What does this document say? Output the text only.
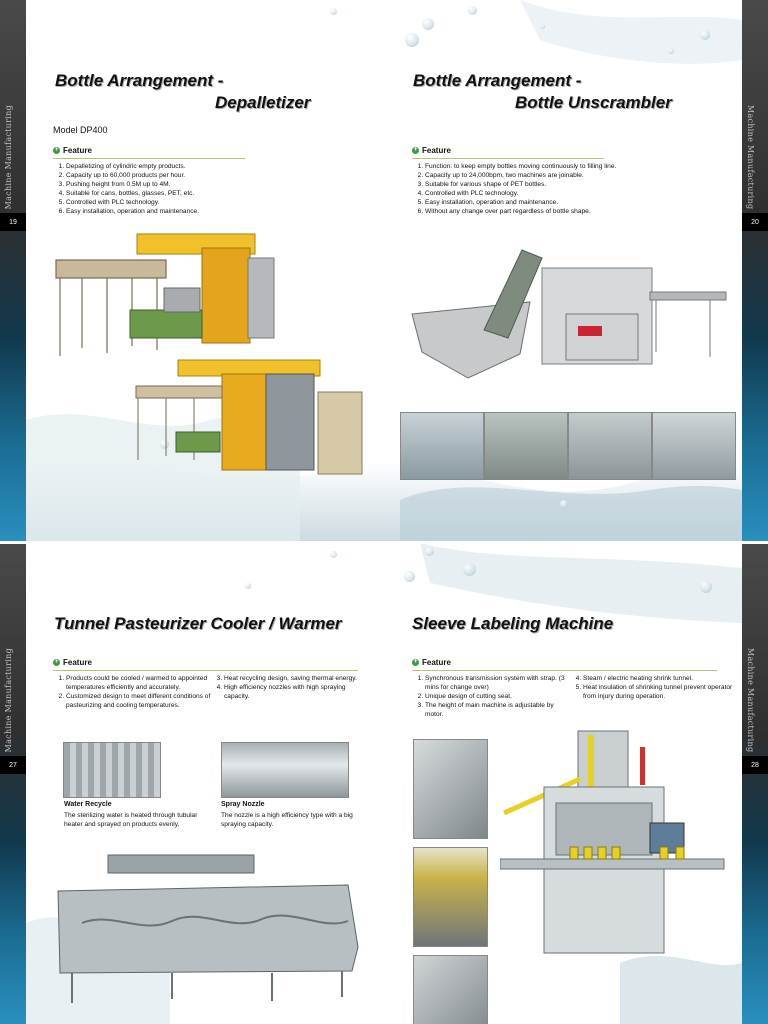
Machine Manufacturing
19
Machine Manufacturing
20
Bottle Arrangement -
Depalletizer
Model DP400
+ Feature
1. Depalletizing of cylindric empty products.
2. Capacity up to 60,000 products per hour.
3. Pushing height from 0.5M up to 4M.
4. Suitable for cans, bottles, glasses, PET, etc.
5. Controlled with PLC technology.
6. Easy installation, operation and maintenance.
Bottle Arrangement -
Bottle Unscrambler
+ Feature
1. Function: to keep empty bottles moving continuously to filling line.
2. Capacity up to 24,000bpm, two machines are joinable.
3. Suitable for various shape of PET bottles.
4. Controlled with PLC technology.
5. Easy installation, operation and maintenance.
6. Without any change over part regardless of bottle shape.
Machine Manufacturing
27
Machine Manufacturing
28
Tunnel Pasteurizer Cooler / Warmer
+ Feature
1. Products could be cooled / warmed to appointed temperatures efficiently and accurately.
2. Customized design to meet different conditions of pasteurizing and cooling temperatures.
3. Heat recycling design, saving thermal energy.
4. High efficiency nozzles with high spraying capacity.
Water Recycle
The sterilizing water is heated through tubular heater and sprayed on products evenly.
Spray Nozzle
The nozzle is a high efficiency type with a big spraying capacity.
Sleeve Labeling Machine
+ Feature
1. Synchronous transmission system with strap. (3 mins for change over)
2. Unique design of cutting seat.
3. The height of main machine is adjustable by motor.
4. Steam / electric heating shrink tunnel.
5. Heat insulation of shrinking tunnel prevent operator from injury during operation.
